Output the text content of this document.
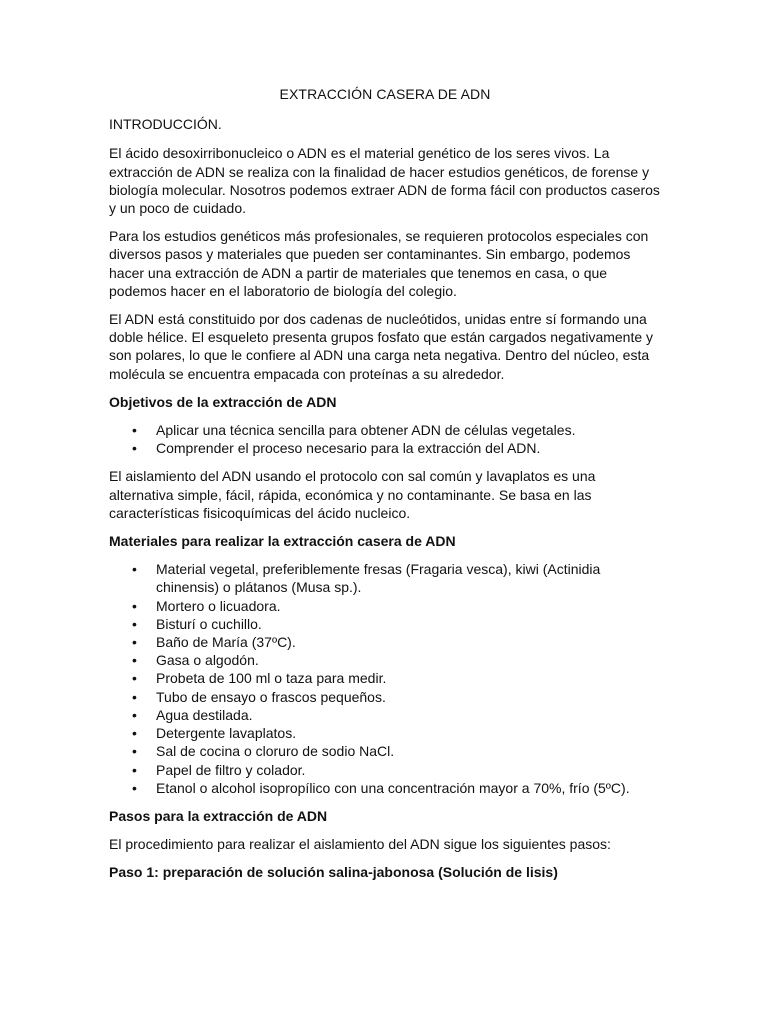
EXTRACCIÓN CASERA DE ADN

INTRODUCCIÓN.

El ácido desoxirribonucleico o ADN es el material genético de los seres vivos. La extracción de ADN se realiza con la finalidad de hacer estudios genéticos, de forense y biología molecular. Nosotros podemos extraer ADN de forma fácil con productos caseros y un poco de cuidado.

Para los estudios genéticos más profesionales, se requieren protocolos especiales con diversos pasos y materiales que pueden ser contaminantes. Sin embargo, podemos hacer una extracción de ADN a partir de materiales que tenemos en casa, o que podemos hacer en el laboratorio de biología del colegio.

El ADN está constituido por dos cadenas de nucleótidos, unidas entre sí formando una doble hélice. El esqueleto presenta grupos fosfato que están cargados negativamente y son polares, lo que le confiere al ADN una carga neta negativa. Dentro del núcleo, esta molécula se encuentra empacada con proteínas a su alrededor.

Objetivos de la extracción de ADN
• Aplicar una técnica sencilla para obtener ADN de células vegetales.
• Comprender el proceso necesario para la extracción del ADN.

El aislamiento del ADN usando el protocolo con sal común y lavaplatos es una alternativa simple, fácil, rápida, económica y no contaminante. Se basa en las características fisicoquímicas del ácido nucleico.

Materiales para realizar la extracción casera de ADN
• Material vegetal, preferiblemente fresas (Fragaria vesca), kiwi (Actinidia chinensis) o plátanos (Musa sp.).
• Mortero o licuadora.
• Bisturí o cuchillo.
• Baño de María (37ºC).
• Gasa o algodón.
• Probeta de 100 ml o taza para medir.
• Tubo de ensayo o frascos pequeños.
• Agua destilada.
• Detergente lavaplatos.
• Sal de cocina o cloruro de sodio NaCl.
• Papel de filtro y colador.
• Etanol o alcohol isopropílico con una concentración mayor a 70%, frío (5ºC).
Pasos para la extracción de ADN

El procedimiento para realizar el aislamiento del ADN sigue los siguientes pasos:

Paso 1: preparación de solución salina-jabonosa (Solución de lisis)
